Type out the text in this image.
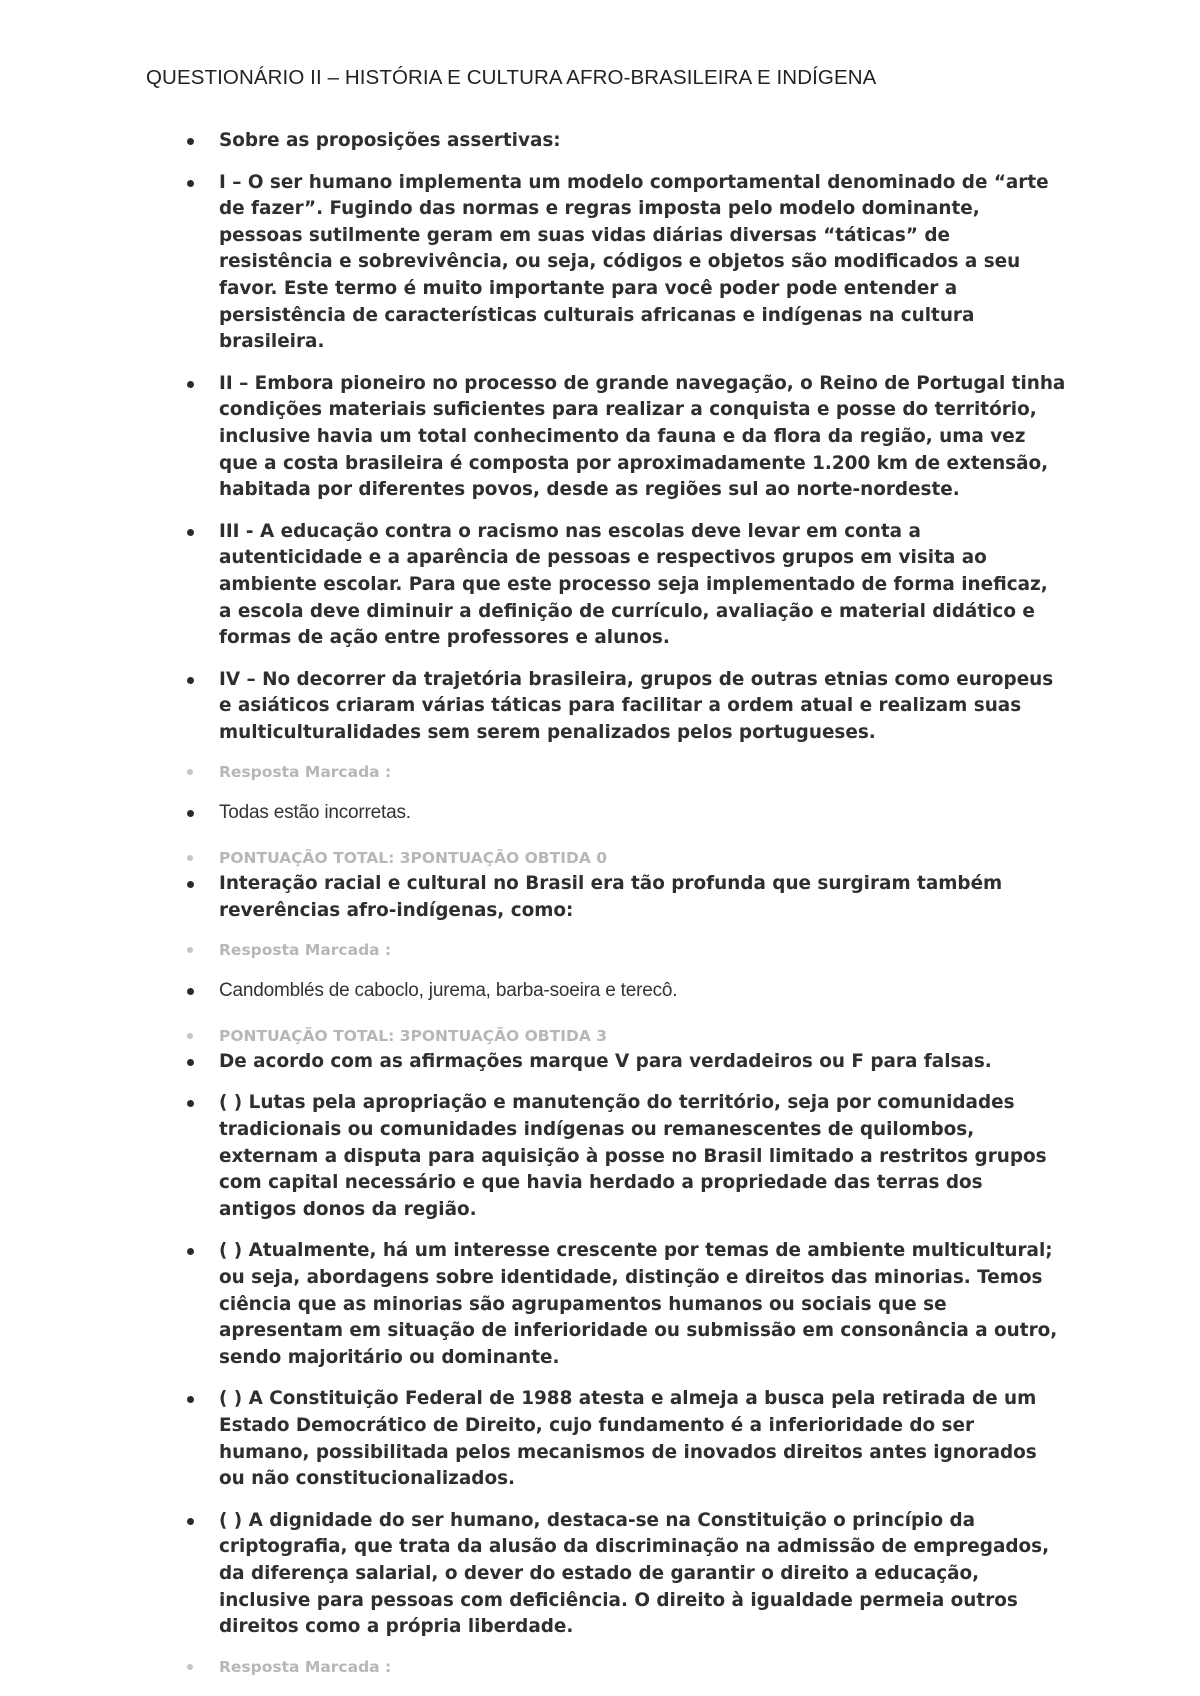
QUESTIONÁRIO II – HISTÓRIA E CULTURA AFRO-BRASILEIRA E INDÍGENA
Sobre as proposições assertivas:
I – O ser humano implementa um modelo comportamental denominado de “arte de fazer”. Fugindo das normas e regras imposta pelo modelo dominante, pessoas sutilmente geram em suas vidas diárias diversas “táticas” de resistência e sobrevivência, ou seja, códigos e objetos são modificados a seu favor. Este termo é muito importante para você poder pode entender a persistência de características culturais africanas e indígenas na cultura brasileira.
II – Embora pioneiro no processo de grande navegação, o Reino de Portugal tinha condições materiais suficientes para realizar a conquista e posse do território, inclusive havia um total conhecimento da fauna e da flora da região, uma vez que a costa brasileira é composta por aproximadamente 1.200 km de extensão, habitada por diferentes povos, desde as regiões sul ao norte-nordeste.
III - A educação contra o racismo nas escolas deve levar em conta a autenticidade e a aparência de pessoas e respectivos grupos em visita ao ambiente escolar. Para que este processo seja implementado de forma ineficaz, a escola deve diminuir a definição de currículo, avaliação e material didático e formas de ação entre professores e alunos.
IV – No decorrer da trajetória brasileira, grupos de outras etnias como europeus e asiáticos criaram várias táticas para facilitar a ordem atual e realizam suas multiculturalidades sem serem penalizados pelos portugueses.
Resposta Marcada :
Todas estão incorretas.
PONTUAÇÃO TOTAL: 3PONTUAÇÃO OBTIDA 0
Interação racial e cultural no Brasil era tão profunda que surgiram também reverências afro-indígenas, como:
Resposta Marcada :
Candomblés de caboclo, jurema, barba-soeira e terecô.
PONTUAÇÃO TOTAL: 3PONTUAÇÃO OBTIDA 3
De acordo com as afirmações marque V para verdadeiros ou F para falsas.
( ) Lutas pela apropriação e manutenção do território, seja por comunidades tradicionais ou comunidades indígenas ou remanescentes de quilombos, externam a disputa para aquisição à posse no Brasil limitado a restritos grupos com capital necessário e que havia herdado a propriedade das terras dos antigos donos da região.
( ) Atualmente, há um interesse crescente por temas de ambiente multicultural; ou seja, abordagens sobre identidade, distinção e direitos das minorias. Temos ciência que as minorias são agrupamentos humanos ou sociais que se apresentam em situação de inferioridade ou submissão em consonância a outro, sendo majoritário ou dominante.
( ) A Constituição Federal de 1988 atesta e almeja a busca pela retirada de um Estado Democrático de Direito, cujo fundamento é a inferioridade do ser humano, possibilitada pelos mecanismos de inovados direitos antes ignorados ou não constitucionalizados.
( ) A dignidade do ser humano, destaca-se na Constituição o princípio da criptografia, que trata da alusão da discriminação na admissão de empregados, da diferença salarial, o dever do estado de garantir o direito a educação, inclusive para pessoas com deficiência. O direito à igualdade permeia outros direitos como a própria liberdade.
Resposta Marcada :
